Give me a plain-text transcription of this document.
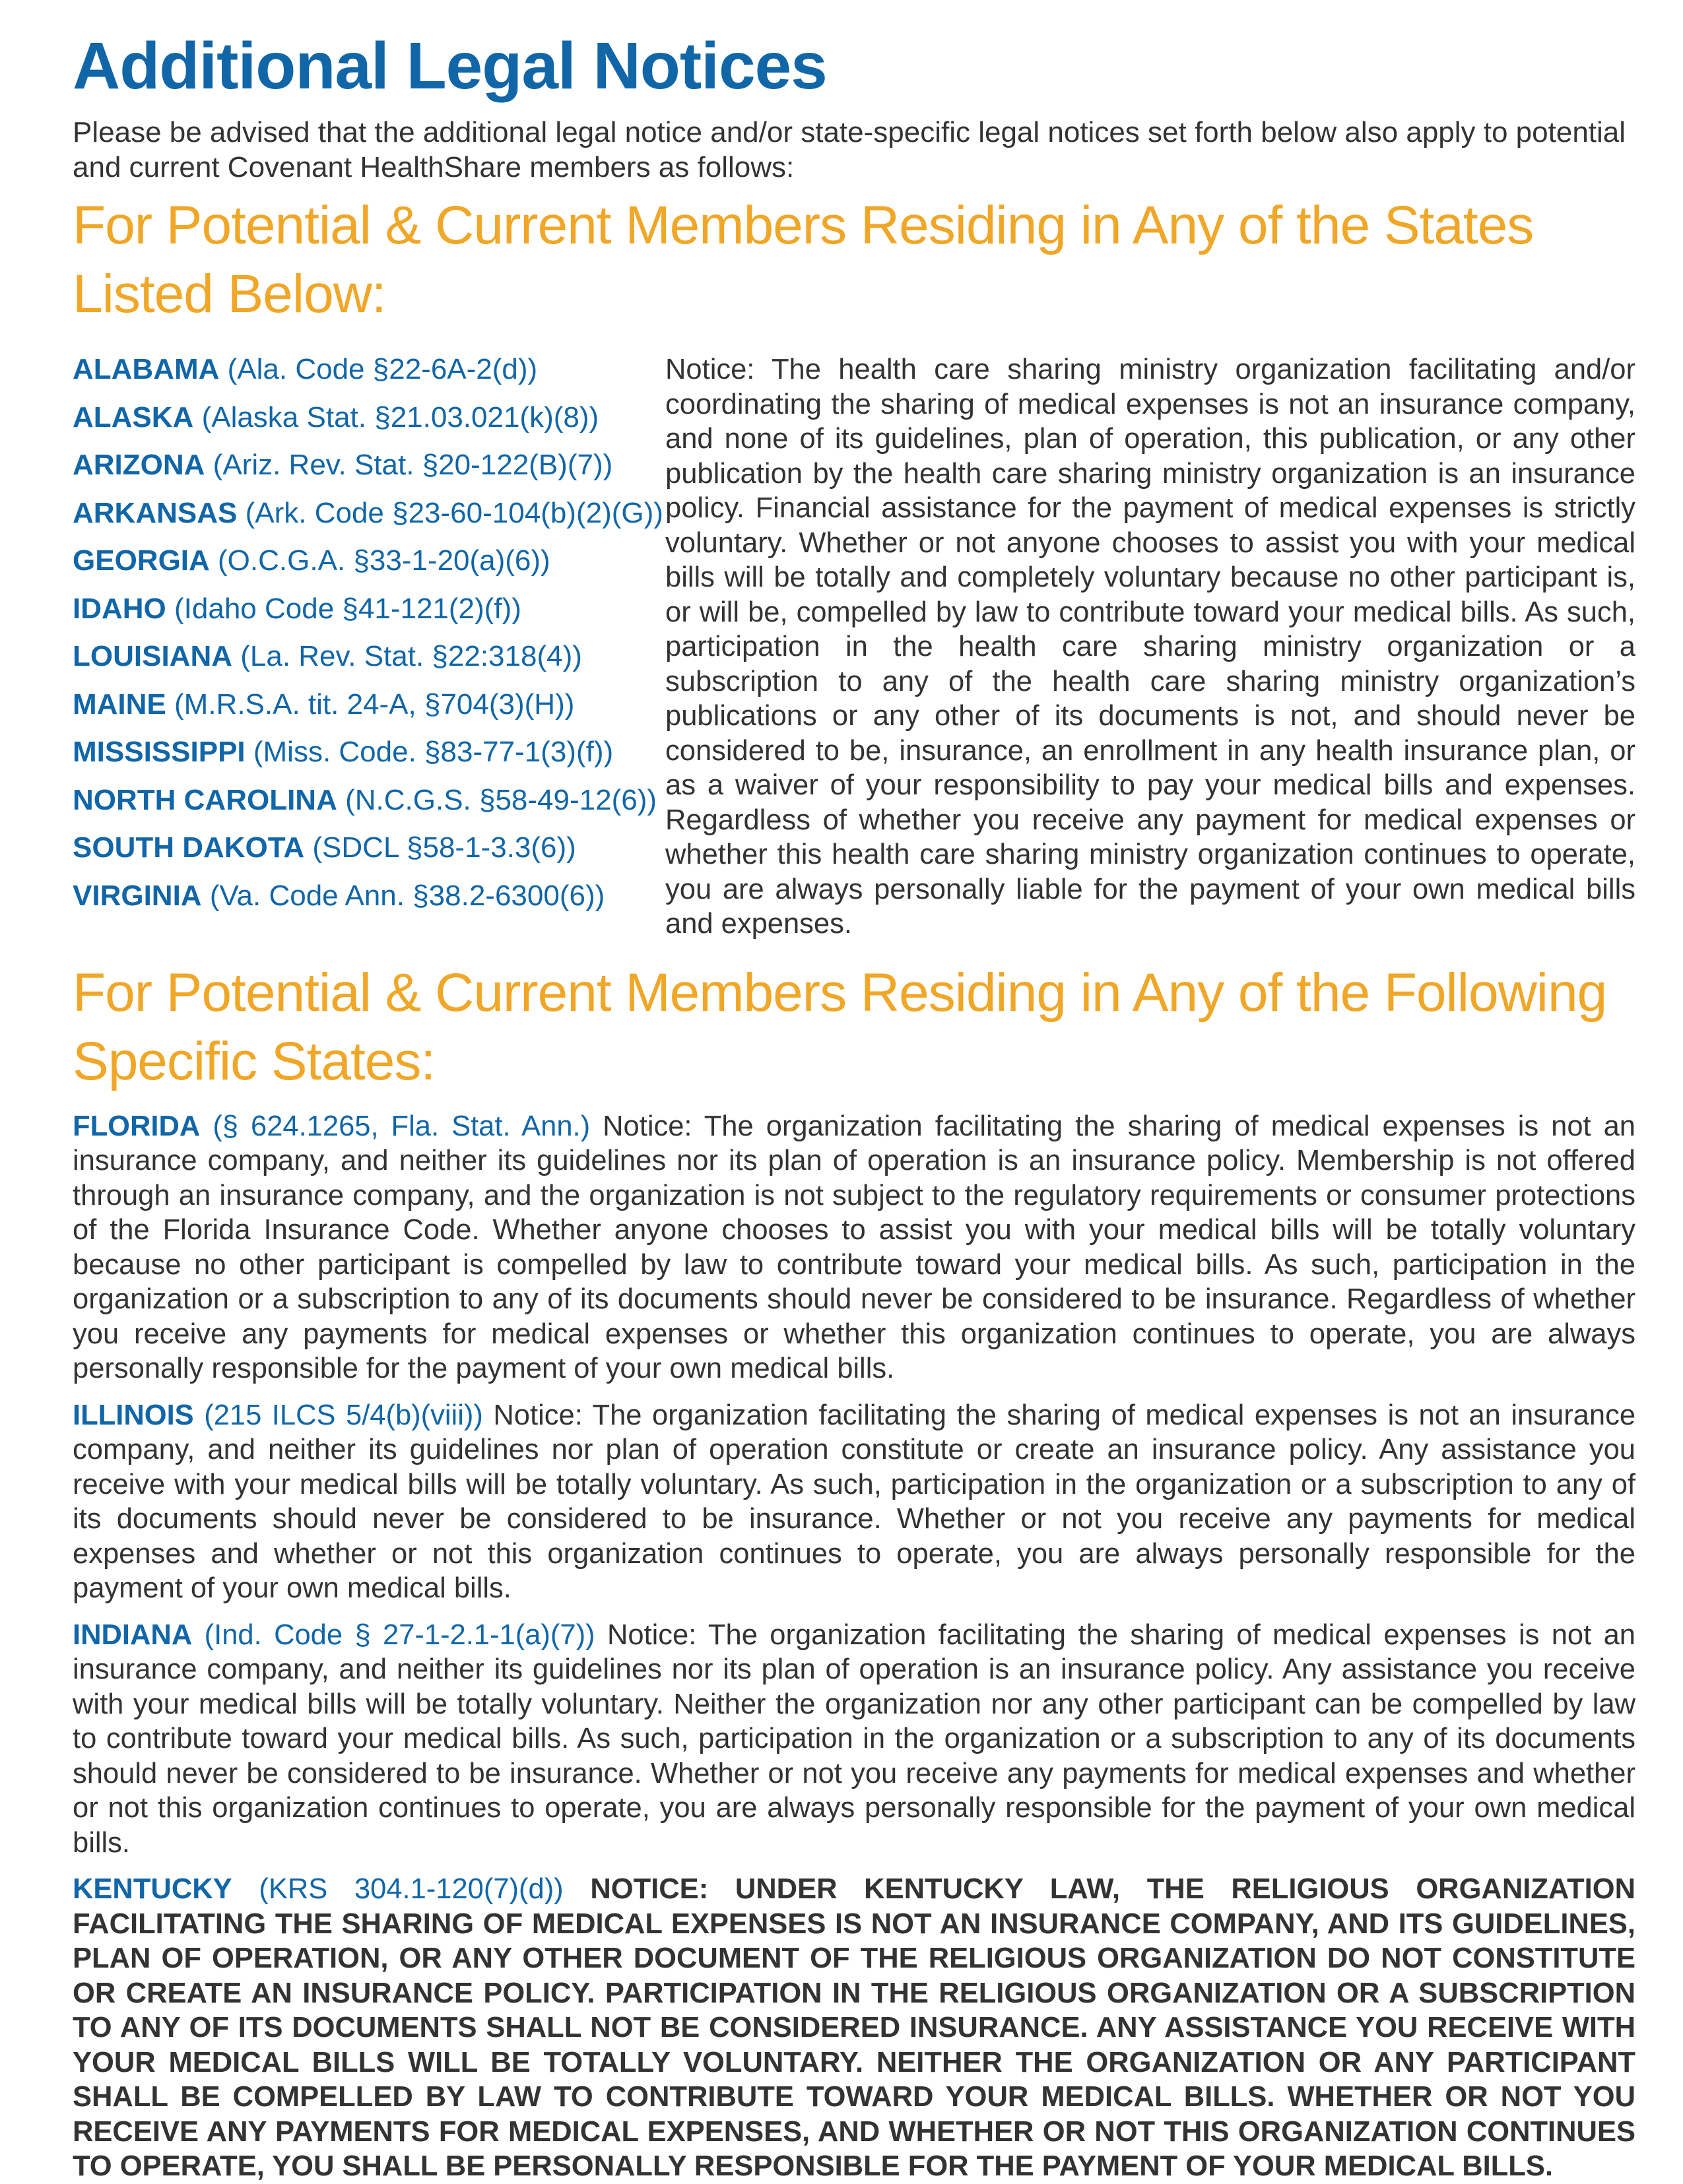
Additional Legal Notices

Please be advised that the additional legal notice and/or state-specific legal notices set forth below also apply to potential and current Covenant HealthShare members as follows:

For Potential & Current Members Residing in Any of the States Listed Below:
ALABAMA (Ala. Code §22-6A-2(d))
ALASKA (Alaska Stat. §21.03.021(k)(8))
ARIZONA (Ariz. Rev. Stat. §20-122(B)(7))
ARKANSAS (Ark. Code §23-60-104(b)(2)(G))
GEORGIA (O.C.G.A. §33-1-20(a)(6))
IDAHO (Idaho Code §41-121(2)(f))
LOUISIANA (La. Rev. Stat. §22:318(4))
MAINE (M.R.S.A. tit. 24-A, §704(3)(H))
MISSISSIPPI (Miss. Code. §83-77-1(3)(f))
NORTH CAROLINA (N.C.G.S. §58-49-12(6))
SOUTH DAKOTA (SDCL §58-1-3.3(6))
VIRGINIA (Va. Code Ann. §38.2-6300(6))

Notice: The health care sharing ministry organization facilitating and/or coordinating the sharing of medical expenses is not an insurance company, and none of its guidelines, plan of operation, this publication, or any other publication by the health care sharing ministry organization is an insurance policy. Financial assistance for the payment of medical expenses is strictly voluntary. Whether or not anyone chooses to assist you with your medical bills will be totally and completely voluntary because no other participant is, or will be, compelled by law to contribute toward your medical bills. As such, participation in the health care sharing ministry organization or a subscription to any of the health care sharing ministry organization’s publications or any other of its documents is not, and should never be considered to be, insurance, an enrollment in any health insurance plan, or as a waiver of your responsibility to pay your medical bills and expenses. Regardless of whether you receive any payment for medical expenses or whether this health care sharing ministry organization continues to operate, you are always personally liable for the payment of your own medical bills and expenses.

For Potential & Current Members Residing in Any of the Following Specific States:

FLORIDA (§ 624.1265, Fla. Stat. Ann.) Notice: The organization facilitating the sharing of medical expenses is not an insurance company, and neither its guidelines nor its plan of operation is an insurance policy. Membership is not offered through an insurance company, and the organization is not subject to the regulatory requirements or consumer protections of the Florida Insurance Code. Whether anyone chooses to assist you with your medical bills will be totally voluntary because no other participant is compelled by law to contribute toward your medical bills. As such, participation in the organization or a subscription to any of its documents should never be considered to be insurance. Regardless of whether you receive any payments for medical expenses or whether this organization continues to operate, you are always personally responsible for the payment of your own medical bills.

ILLINOIS (215 ILCS 5/4(b)(viii)) Notice: The organization facilitating the sharing of medical expenses is not an insurance company, and neither its guidelines nor plan of operation constitute or create an insurance policy. Any assistance you receive with your medical bills will be totally voluntary. As such, participation in the organization or a subscription to any of its documents should never be considered to be insurance. Whether or not you receive any payments for medical expenses and whether or not this organization continues to operate, you are always personally responsible for the payment of your own medical bills.

INDIANA (Ind. Code § 27-1-2.1-1(a)(7)) Notice: The organization facilitating the sharing of medical expenses is not an insurance company, and neither its guidelines nor its plan of operation is an insurance policy. Any assistance you receive with your medical bills will be totally voluntary. Neither the organization nor any other participant can be compelled by law to contribute toward your medical bills. As such, participation in the organization or a subscription to any of its documents should never be considered to be insurance. Whether or not you receive any payments for medical expenses and whether or not this organization continues to operate, you are always personally responsible for the payment of your own medical bills.

KENTUCKY (KRS 304.1-120(7)(d)) NOTICE: UNDER KENTUCKY LAW, THE RELIGIOUS ORGANIZATION FACILITATING THE SHARING OF MEDICAL EXPENSES IS NOT AN INSURANCE COMPANY, AND ITS GUIDELINES, PLAN OF OPERATION, OR ANY OTHER DOCUMENT OF THE RELIGIOUS ORGANIZATION DO NOT CONSTITUTE OR CREATE AN INSURANCE POLICY. PARTICIPATION IN THE RELIGIOUS ORGANIZATION OR A SUBSCRIPTION TO ANY OF ITS DOCUMENTS SHALL NOT BE CONSIDERED INSURANCE. ANY ASSISTANCE YOU RECEIVE WITH YOUR MEDICAL BILLS WILL BE TOTALLY VOLUNTARY. NEITHER THE ORGANIZATION OR ANY PARTICIPANT SHALL BE COMPELLED BY LAW TO CONTRIBUTE TOWARD YOUR MEDICAL BILLS. WHETHER OR NOT YOU RECEIVE ANY PAYMENTS FOR MEDICAL EXPENSES, AND WHETHER OR NOT THIS ORGANIZATION CONTINUES TO OPERATE, YOU SHALL BE PERSONALLY RESPONSIBLE FOR THE PAYMENT OF YOUR MEDICAL BILLS.
